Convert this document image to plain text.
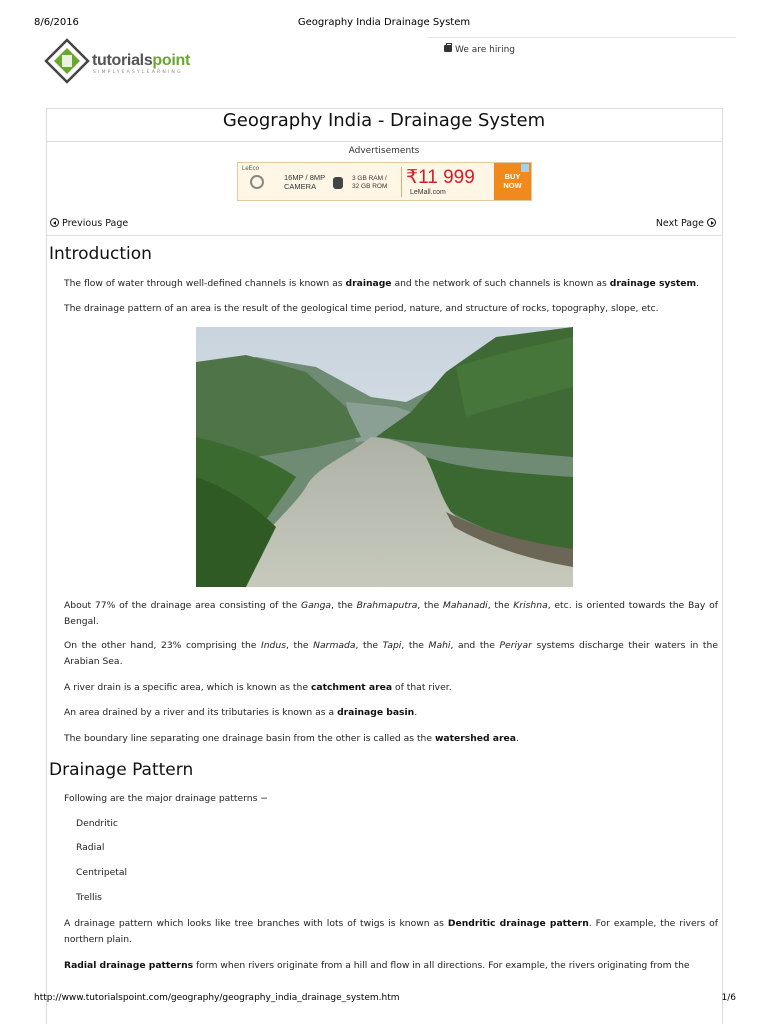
8/6/2016	Geography India Drainage System
tutorialspoint
SIMPLYEASYLEARNING
We are hiring
Geography India - Drainage System
Advertisements
LeEco
16MP / 8MP
CAMERA
3 GB RAM /
32 GB ROM ₹11 999
LeMall.com
BUY
NOW
Previous Page	Next Page
Introduction

The flow of water through well-defined channels is known as drainage and the network of such channels is known as drainage system.

The drainage pattern of an area is the result of the geological time period, nature, and structure of rocks, topography, slope, etc.

About 77% of the drainage area consisting of the Ganga, the Brahmaputra, the Mahanadi, the Krishna, etc. is oriented towards the Bay of Bengal.

On the other hand, 23% comprising the Indus, the Narmada, the Tapi, the Mahi, and the Periyar systems discharge their waters in the Arabian Sea.

A river drain is a specific area, which is known as the catchment area of that river.

An area drained by a river and its tributaries is known as a drainage basin.

The boundary line separating one drainage basin from the other is called as the watershed area.

Drainage Pattern

Following are the major drainage patterns −

Dendritic
Radial
Centripetal
Trellis

A drainage pattern which looks like tree branches with lots of twigs is known as Dendritic drainage pattern. For example, the rivers of northern plain.

Radial drainage patterns form when rivers originate from a hill and flow in all directions. For example, the rivers originating from the

http://www.tutorialspoint.com/geography/geography_india_drainage_system.htm	1/6
